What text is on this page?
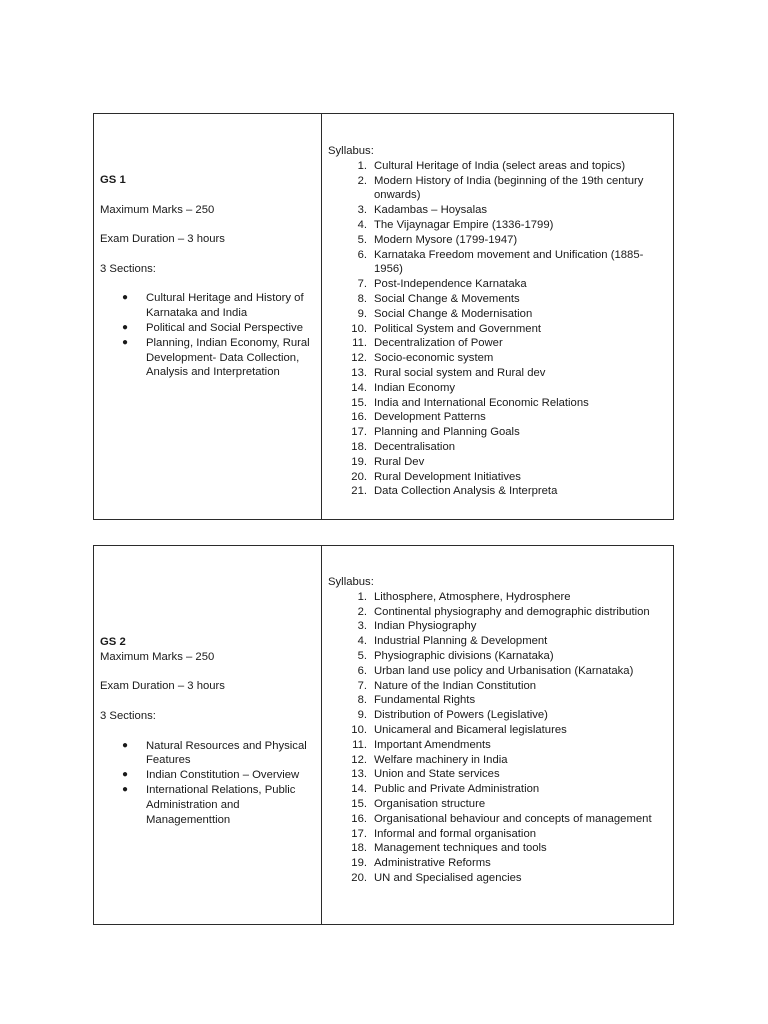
GS 1

Maximum Marks – 250

Exam Duration – 3 hours

3 Sections:

● Cultural Heritage and History of Karnataka and India
● Political and Social Perspective
● Planning, Indian Economy, Rural Development- Data Collection, Analysis and Interpretation

Syllabus:

1. Cultural Heritage of India (select areas and topics)
2. Modern History of India (beginning of the 19th century onwards)
3. Kadambas – Hoysalas
4. The Vijaynagar Empire (1336-1799)
5. Modern Mysore (1799-1947)
6. Karnataka Freedom movement and Unification (1885-1956)
7. Post-Independence Karnataka
8. Social Change & Movements
9. Social Change & Modernisation
10. Political System and Government
11. Decentralization of Power
12. Socio-economic system
13. Rural social system and Rural dev
14. Indian Economy
15. India and International Economic Relations
16. Development Patterns
17. Planning and Planning Goals
18. Decentralisation
19. Rural Dev
20. Rural Development Initiatives
21. Data Collection Analysis & Interpreta

GS 2

Maximum Marks – 250

Exam Duration – 3 hours

3 Sections:

● Natural Resources and Physical Features
● Indian Constitution – Overview
● International Relations, Public Administration and Managementtion

Syllabus:

1. Lithosphere, Atmosphere, Hydrosphere
2. Continental physiography and demographic distribution
3. Indian Physiography
4. Industrial Planning & Development
5. Physiographic divisions (Karnataka)
6. Urban land use policy and Urbanisation (Karnataka)
7. Nature of the Indian Constitution
8. Fundamental Rights
9. Distribution of Powers (Legislative)
10. Unicameral and Bicameral legislatures
11. Important Amendments
12. Welfare machinery in India
13. Union and State services
14. Public and Private Administration
15. Organisation structure
16. Organisational behaviour and concepts of management
17. Informal and formal organisation
18. Management techniques and tools
19. Administrative Reforms
20. UN and Specialised agencies
